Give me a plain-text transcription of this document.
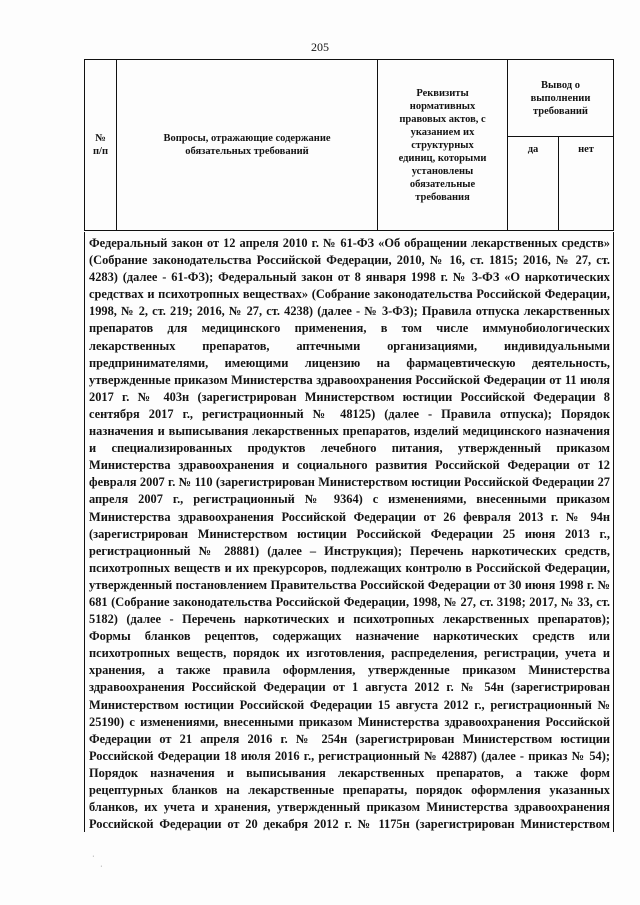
205
№
п/п
Вопросы, отражающие содержание
обязательных требований
Реквизиты
нормативных
правовых актов, с
указанием их
структурных
единиц, которыми
установлены
обязательные
требования
Вывод о
выполнении
требований
да	нет

Федеральный закон от 12 апреля 2010 г. № 61-ФЗ «Об обращении лекарственных средств» (Собрание законодательства Российской Федерации, 2010, № 16, ст. 1815; 2016, № 27, ст. 4283) (далее - 61-ФЗ); Федеральный закон от 8 января 1998 г. № 3-ФЗ «О наркотических средствах и психотропных веществах» (Собрание законодательства Российской Федерации, 1998, № 2, ст. 219; 2016, № 27, ст. 4238) (далее - № 3-ФЗ); Правила отпуска лекарственных препаратов для медицинского применения, в том числе иммунобиологических лекарственных препаратов, аптечными организациями, индивидуальными предпринимателями, имеющими лицензию на фармацевтическую деятельность, утвержденные приказом Министерства здравоохранения Российской Федерации от 11 июля 2017 г. № 403н (зарегистрирован Министерством юстиции Российской Федерации 8 сентября 2017 г., регистрационный № 48125) (далее - Правила отпуска); Порядок назначения и выписывания лекарственных препаратов, изделий медицинского назначения и специализированных продуктов лечебного питания, утвержденный приказом Министерства здравоохранения и социального развития Российской Федерации от 12 февраля 2007 г. № 110 (зарегистрирован Министерством юстиции Российской Федерации 27 апреля 2007 г., регистрационный № 9364) с изменениями, внесенными приказом Министерства здравоохранения Российской Федерации от 26 февраля 2013 г. № 94н (зарегистрирован Министерством юстиции Российской Федерации 25 июня 2013 г., регистрационный № 28881) (далее – Инструкция); Перечень наркотических средств, психотропных веществ и их прекурсоров, подлежащих контролю в Российской Федерации, утвержденный постановлением Правительства Российской Федерации от 30 июня 1998 г. № 681 (Собрание законодательства Российской Федерации, 1998, № 27, ст. 3198; 2017, № 33, ст. 5182) (далее - Перечень наркотических и психотропных лекарственных препаратов); Формы бланков рецептов, содержащих назначение наркотических средств или психотропных веществ, порядок их изготовления, распределения, регистрации, учета и хранения, а также правила оформления, утвержденные приказом Министерства здравоохранения Российской Федерации от 1 августа 2012 г. № 54н (зарегистрирован Министерством юстиции Российской Федерации 15 августа 2012 г., регистрационный № 25190) с изменениями, внесенными приказом Министерства здравоохранения Российской Федерации от 21 апреля 2016 г. № 254н (зарегистрирован Министерством юстиции Российской Федерации 18 июля 2016 г., регистрационный № 42887) (далее - приказ № 54); Порядок назначения и выписывания лекарственных препаратов, а также форм рецептурных бланков на лекарственные препараты, порядок оформления указанных бланков, их учета и хранения, утвержденный приказом Министерства здравоохранения Российской Федерации от 20 декабря 2012 г. № 1175н (зарегистрирован Министерством

⋅
⋅
